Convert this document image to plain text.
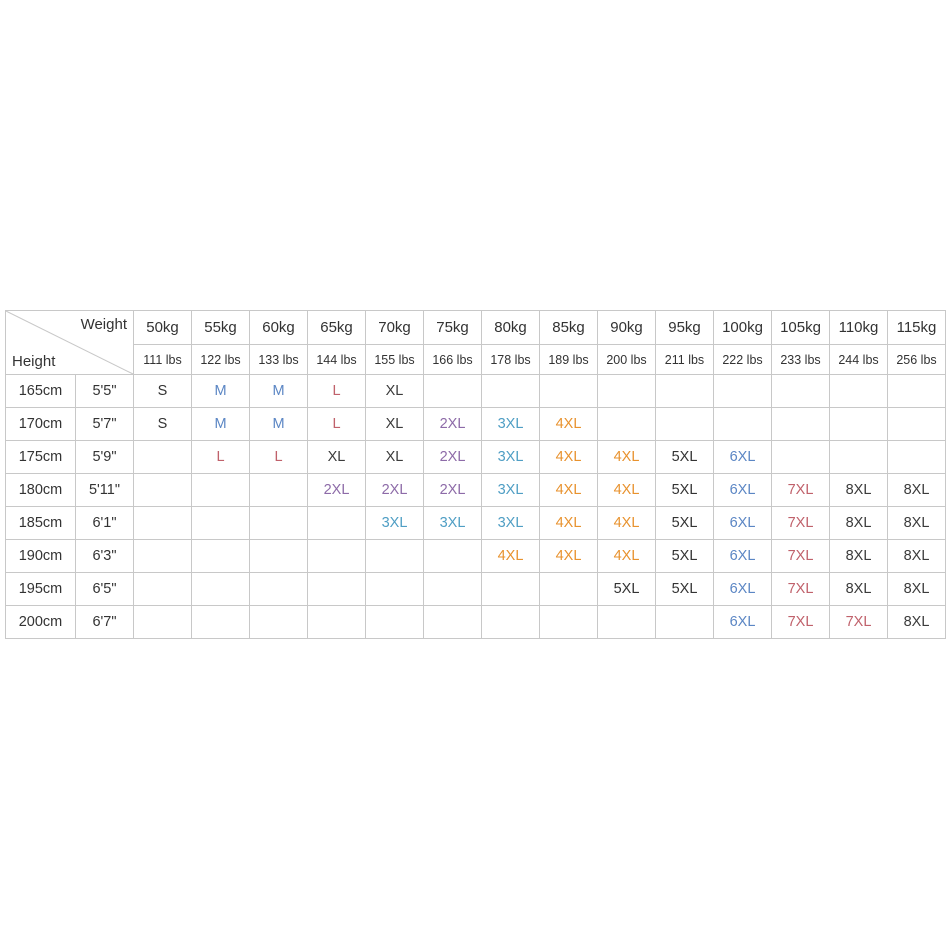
Weight
Height		50kg	55kg	60kg	65kg	70kg	75kg	80kg	85kg	90kg	95kg	100kg	105kg	110kg	115kg
		111 lbs	122 lbs	133 lbs	144 lbs	155 lbs	166 lbs	178 lbs	189 lbs	200 lbs	211 lbs	222 lbs	233 lbs	244 lbs	256 lbs
165cm	5'5"	S	M	M	L	XL									
170cm	5'7"	S	M	M	L	XL	2XL	3XL	4XL						
175cm	5'9"		L	L	XL	XL	2XL	3XL	4XL	4XL	5XL	6XL			
180cm	5'11"				2XL	2XL	2XL	3XL	4XL	4XL	5XL	6XL	7XL	8XL	8XL
185cm	6'1"					3XL	3XL	3XL	4XL	4XL	5XL	6XL	7XL	8XL	8XL
190cm	6'3"							4XL	4XL	4XL	5XL	6XL	7XL	8XL	8XL
195cm	6'5"									5XL	5XL	6XL	7XL	8XL	8XL
200cm	6'7"											6XL	7XL	7XL	8XL
